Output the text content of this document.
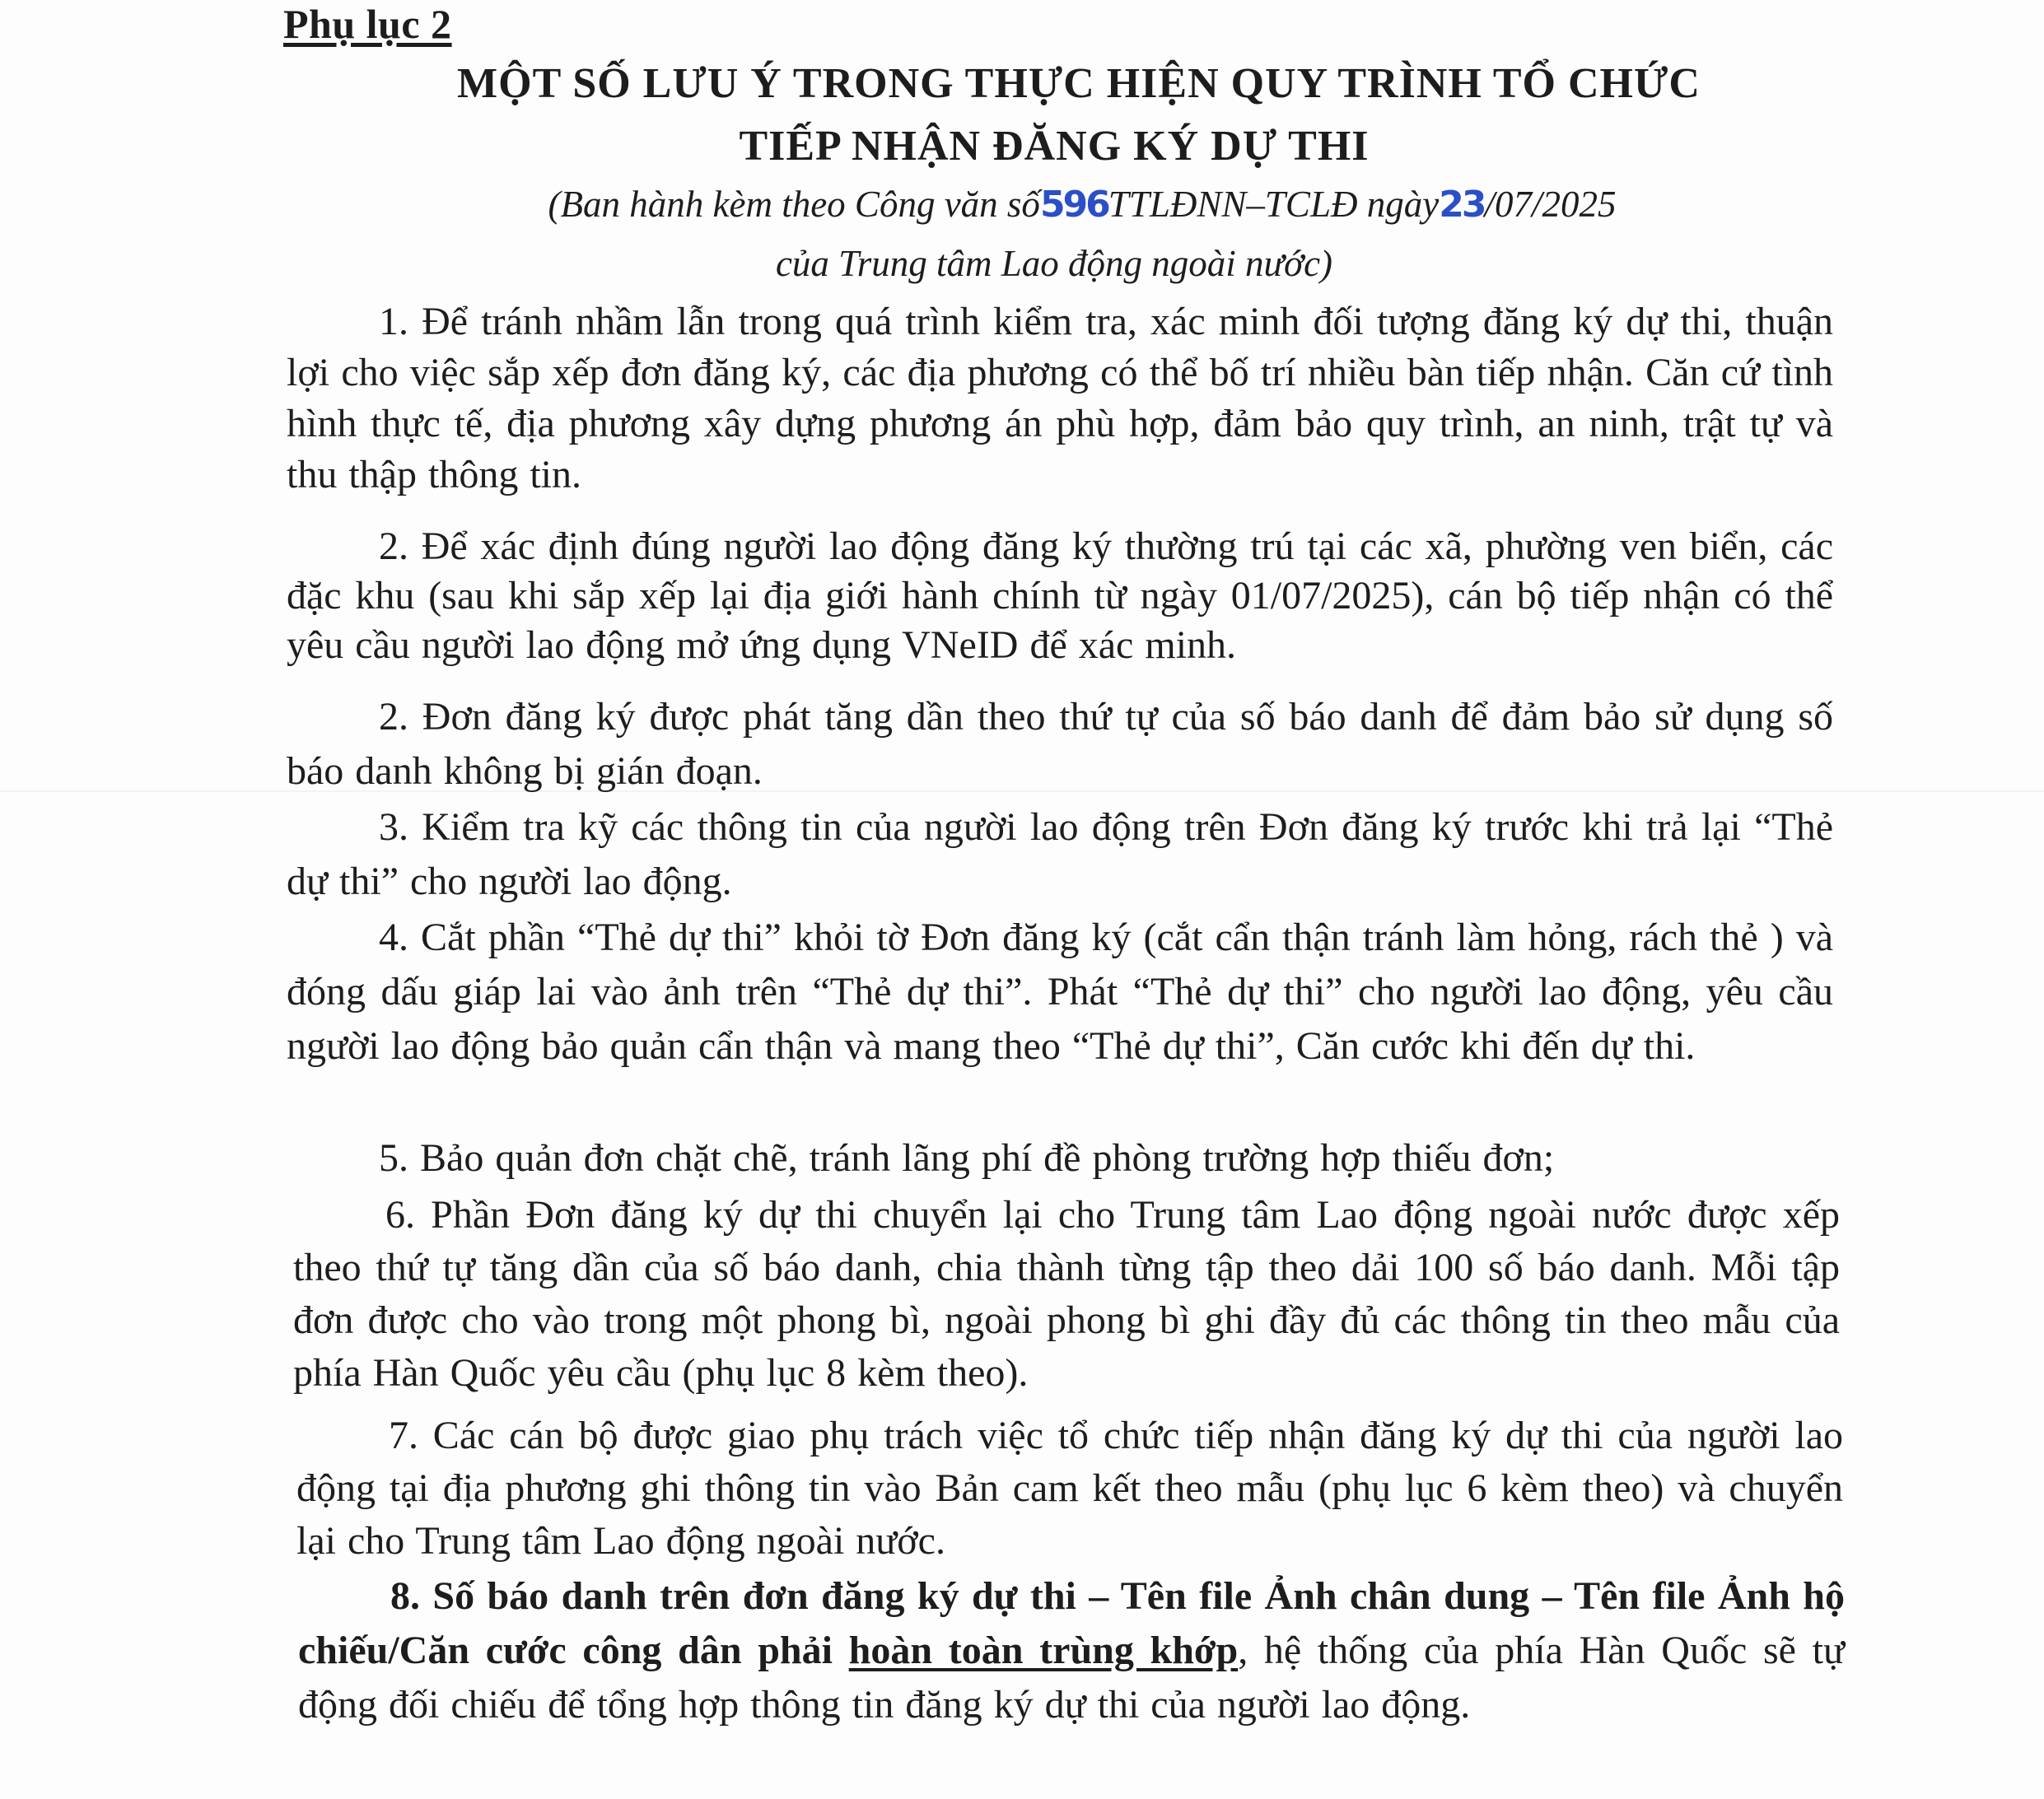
Phụ lục 2
MỘT SỐ LƯU Ý TRONG THỰC HIỆN QUY TRÌNH TỔ CHỨC
TIẾP NHẬN ĐĂNG KÝ DỰ THI
(Ban hành kèm theo Công văn số596TTLĐNN–TCLĐ ngày23/07/2025
của Trung tâm Lao động ngoài nước)

1. Để tránh nhầm lẫn trong quá trình kiểm tra, xác minh đối tượng đăng ký dự thi, thuận lợi cho việc sắp xếp đơn đăng ký, các địa phương có thể bố trí nhiều bàn tiếp nhận. Căn cứ tình hình thực tế, địa phương xây dựng phương án phù hợp, đảm bảo quy trình, an ninh, trật tự và thu thập thông tin.

2. Để xác định đúng người lao động đăng ký thường trú tại các xã, phường ven biển, các đặc khu (sau khi sắp xếp lại địa giới hành chính từ ngày 01/07/2025), cán bộ tiếp nhận có thể yêu cầu người lao động mở ứng dụng VNeID để xác minh.

2. Đơn đăng ký được phát tăng dần theo thứ tự của số báo danh để đảm bảo sử dụng số báo danh không bị gián đoạn.

3. Kiểm tra kỹ các thông tin của người lao động trên Đơn đăng ký trước khi trả lại “Thẻ dự thi” cho người lao động.

4. Cắt phần “Thẻ dự thi” khỏi tờ Đơn đăng ký (cắt cẩn thận tránh làm hỏng, rách thẻ ) và đóng dấu giáp lai vào ảnh trên “Thẻ dự thi”. Phát “Thẻ dự thi” cho người lao động, yêu cầu người lao động bảo quản cẩn thận và mang theo “Thẻ dự thi”, Căn cước khi đến dự thi.

5. Bảo quản đơn chặt chẽ, tránh lãng phí đề phòng trường hợp thiếu đơn;

6. Phần Đơn đăng ký dự thi chuyển lại cho Trung tâm Lao động ngoài nước được xếp theo thứ tự tăng dần của số báo danh, chia thành từng tập theo dải 100 số báo danh. Mỗi tập đơn được cho vào trong một phong bì, ngoài phong bì ghi đầy đủ các thông tin theo mẫu của phía Hàn Quốc yêu cầu (phụ lục 8 kèm theo).

7. Các cán bộ được giao phụ trách việc tổ chức tiếp nhận đăng ký dự thi của người lao động tại địa phương ghi thông tin vào Bản cam kết theo mẫu (phụ lục 6 kèm theo) và chuyển lại cho Trung tâm Lao động ngoài nước.

8. Số báo danh trên đơn đăng ký dự thi – Tên file Ảnh chân dung – Tên file Ảnh hộ chiếu/Căn cước công dân phải hoàn toàn trùng khớp, hệ thống của phía Hàn Quốc sẽ tự động đối chiếu để tổng hợp thông tin đăng ký dự thi của người lao động.
